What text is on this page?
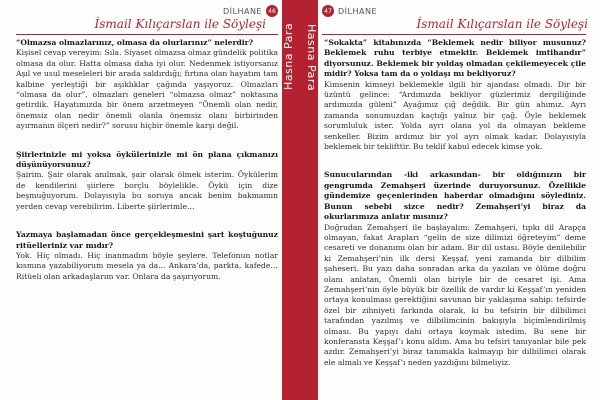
DİLHANE	46
İsmail Kılıçarslan ile Söyleşi

“Olmazsa olmazlarınız, olmasa da olurlarınız” nelerdir?

Kişisel cevap vereyim: Sıla. Siyaset olmazsa olmaz gündelik politika olmasa da olur. Hatta olmasa daha iyi olur. Nedenmek istiyorsanız Aşıl ve usul meseleleri bir arada saldırdığı; fırtına olan hayatım tam kalbine yerleştiği bir aşıklıklar çağında yaşıyoruz. Olmazları “olmasa da olur”, olmazları geneleri “olmazsa olmaz” noktasına getirdik. Hayatımızda bir önem arzetmeyen “Önemli olan nedir, önemsiz olan nedir önemli olanla önemsiz olanı birbirinden ayırmanın ölçeri nedir?” sorusu hiçbir önemle karşı değil.

Şiirlerinizle mi yoksa öykülerinizle mi ön plana çıkmanızı düşünüyorsunuz?

Şairim. Şair olarak anılmak, şair olarak ölmek isterim. Öykülerim de kendilerini şiirlere borçlu böylelikle. Öykü için dize beşmuğuyorum. Dolayısıyla bu soruya ancak benim bakmamın yerden cevap verebilirim. Liberte şiirlerimle…

Yazmaya başlamadan önce gerçekleşmesini şart koştuğunuz ritüelleriniz var mıdır?

Yok. Hiç olmadı. Hiç inanmadım böyle şeylere. Telefonun notlar kısmına yazabiliyorum mesela ya da... Ankara’da, parkta, kafede… Ritüeli olan arkadaşlarım var. Onlara da şaşırıyorum.

Hasna Para Hasna Para
47 DİLHANE
İsmail Kılıçarslan ile Söyleşi

“Sokakta” kitabınızda “Beklemek nedir biliyor musunuz? Beklemek ruhu terbiye etmektir. Beklemek imtihandır” diyorsunuz. Beklemek bir yoldaş olmadan çekilemeyecek çile midir? Yoksa tam da o yoldaşı mı bekliyoruz?

Kimsenin kimseyi beklemekle ilgili bir ajandası olmadı. Dir bir üzüntü gelince: “Ardımızda bekliyor güzlerimiz dergiliğinde ardımızda güleni” Ayağımız çığ değdik. Bir gün ahımız. Ayrı zamanda sonumuzdan kaçtığı yalnız bir çağ. Öyle beklemek sorumluluk ister. Yolda ayrı olana yol da olmayan bekleme senkeller. Bizim ardımız bir yol ayrı olmak kadar. Dolayısıyla beklemek bir teklifttir. Bu teklif kabul edecek kimse yok.

Sunucularından -iki arkasından- bir oldığınızın bir gengrumda Zemahşeri üzerinde duruyorsunuz. Özellikle gündemize geçenlerinden haberdar olmadığını söylediniz. Bunun sebebi sizce nedir? Zemahşeri’yi biraz da okurlarımıza anlatır mısınız?

Doğrudan Zemahşeri ile başlayalım: Zemahşeri, tıpkı dil Arapça olmayan, fakat Arapları “gelin de size dilimizi öğreteyim” deme cesareti ve donanımı olan bir adam. Bir dil ustası. Böyle denilebilir ki Zemahşeri’nin ilk dersi Keşşaf, yeni zamanda bir dilbilim şaheseri. Bu yazı daha sonradan arka da yazılan ve ölüme doğru olanı anlatan, Önemli olan biriyle bir de cesaret işi. Ama Zemahşeri’nin öyle büyük bir özellik de vardır ki Keşşaf’ın yeniden ortaya konulması gerektiğini savunan bir yaklaşıma sahip: tefsirde özel bir zihniyeti farkında olarak, ki bu tefsirin bir dilbilimci tarafından yazılmış ve dilbilimcinin bakışıyla biçimlendirilmiş olması. Bu yapıyı dahi ortaya koymak istedim. Bu sene bir konferansta Keşşaf’ı konu aldım. Ama bu tefsiri tanıyanlar bile pek azdır. Zemahşeri’yi biraz tanımakla kalmayıp bir dilbilimci olarak ele almalı ve Keşşaf’ı neden yazdığını bilmeliyiz.
